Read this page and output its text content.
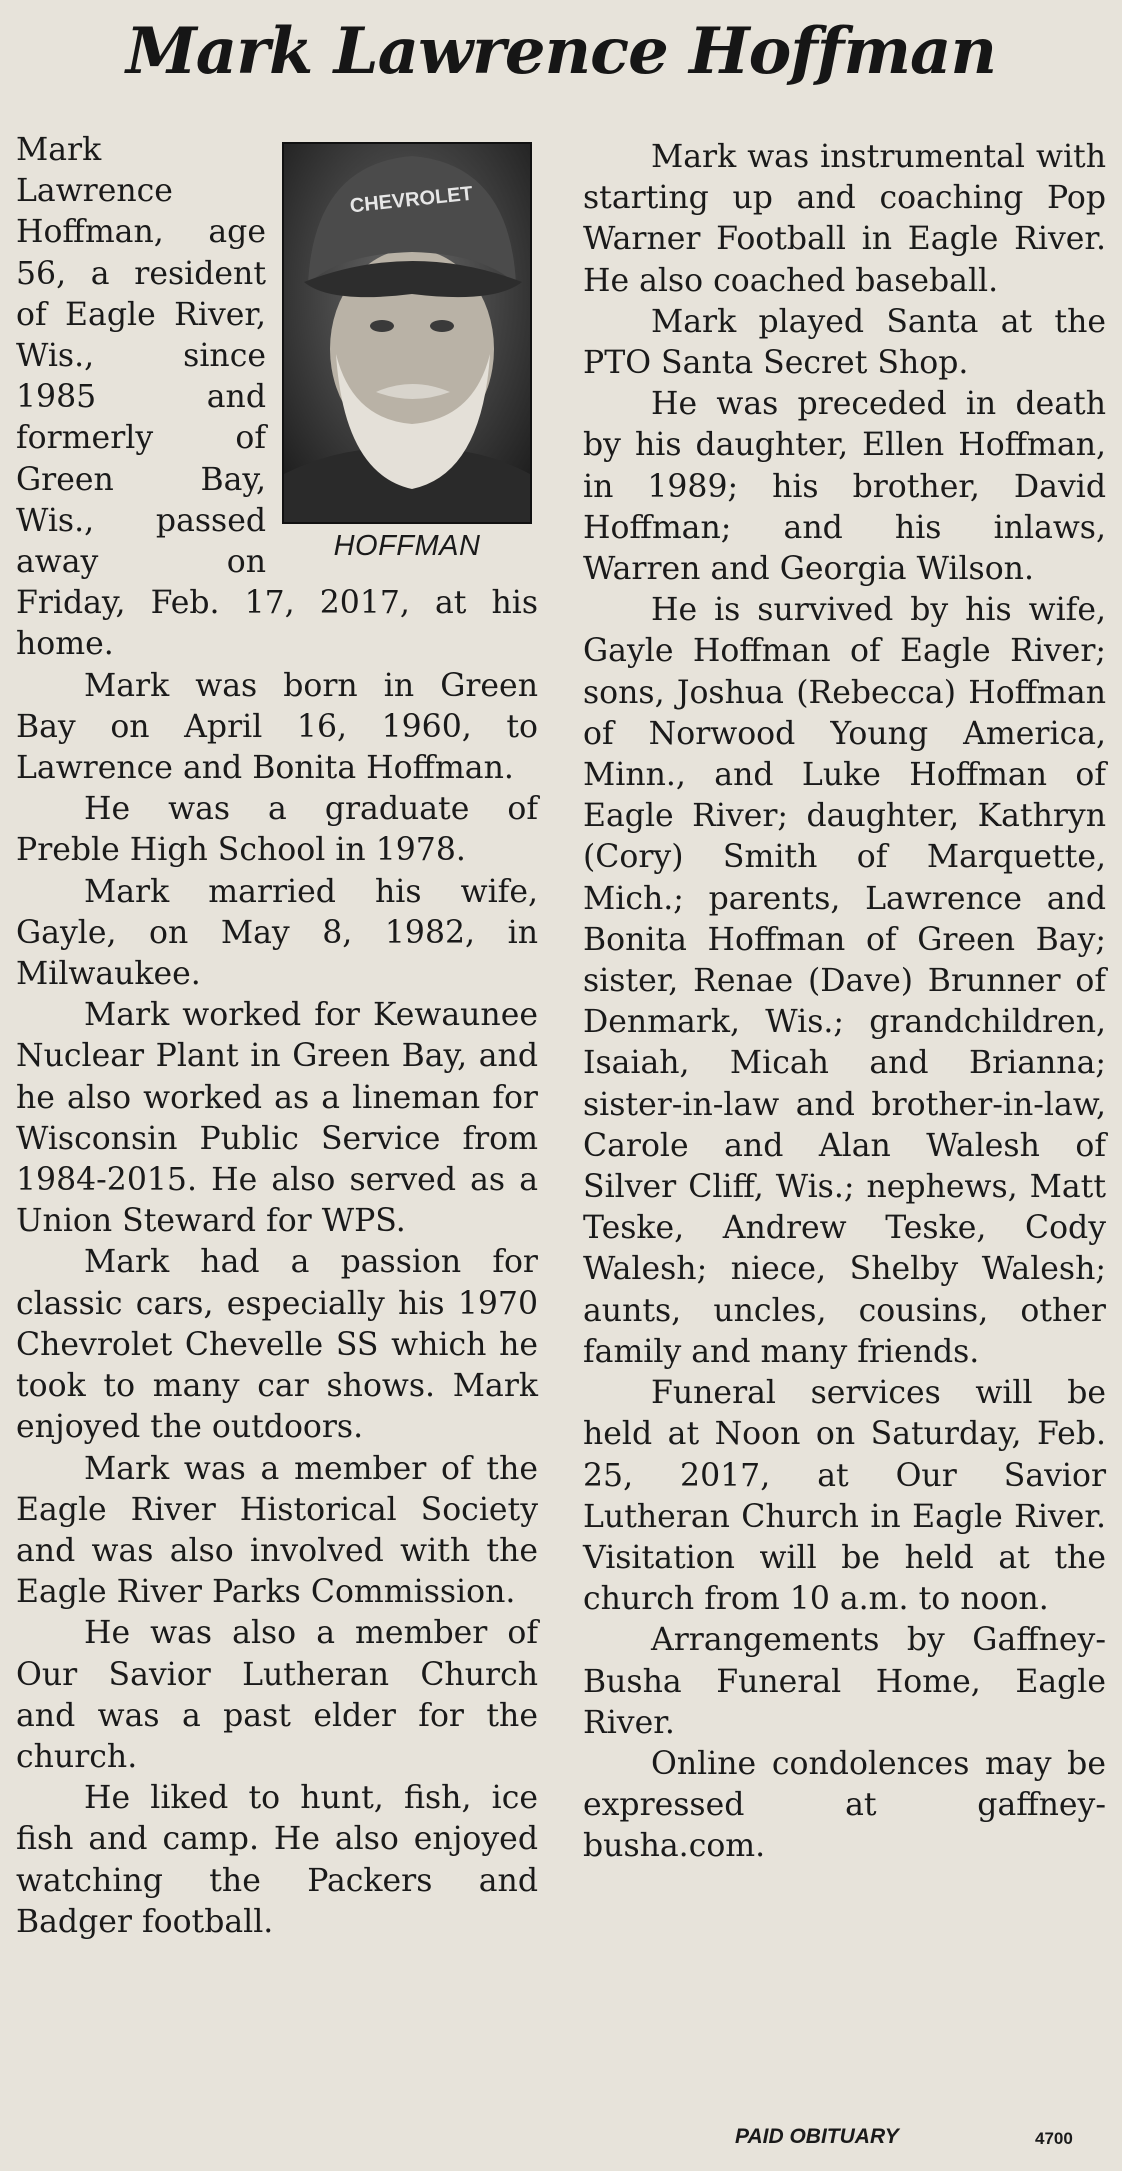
Mark Lawrence Hoffman
CHEVROLET
HOFFMAN

Mark Lawrence Hoffman, age 56, a resident of Eagle River, Wis., since 1985 and formerly of Green Bay, Wis., passed away on Friday, Feb. 17, 2017, at his home.

Mark was born in Green Bay on April 16, 1960, to Lawrence and Bonita Hoffman.

He was a graduate of Preble High School in 1978.

Mark married his wife, Gayle, on May 8, 1982, in Milwaukee.

Mark worked for Kewaunee Nuclear Plant in Green Bay, and he also worked as a lineman for Wisconsin Public Service from 1984-2015. He also served as a Union Steward for WPS.

Mark had a passion for classic cars, especially his 1970 Chevrolet Chevelle SS which he took to many car shows. Mark enjoyed the outdoors.

Mark was a member of the Eagle River Historical Society and was also involved with the Eagle River Parks Commission.

He was also a member of Our Savior Lutheran Church and was a past elder for the church.

He liked to hunt, fish, ice fish and camp. He also enjoyed watching the Packers and Badger football.

Mark was instrumental with starting up and coaching Pop Warner Football in Eagle River. He also coached baseball.

Mark played Santa at the PTO Santa Secret Shop.

He was preceded in death by his daughter, Ellen Hoffman, in 1989; his brother, David Hoffman; and his inlaws, Warren and Georgia Wilson.

He is survived by his wife, Gayle Hoffman of Eagle River; sons, Joshua (Rebecca) Hoffman of Norwood Young America, Minn., and Luke Hoffman of Eagle River; daughter, Kathryn (Cory) Smith of Marquette, Mich.; parents, Lawrence and Bonita Hoffman of Green Bay; sister, Renae (Dave) Brunner of Denmark, Wis.; grandchildren, Isaiah, Micah and Brianna; sister-in-law and brother-in-law, Carole and Alan Walesh of Silver Cliff, Wis.; nephews, Matt Teske, Andrew Teske, Cody Walesh; niece, Shelby Walesh; aunts, uncles, cousins, other family and many friends.

Funeral services will be held at Noon on Saturday, Feb. 25, 2017, at Our Savior Lutheran Church in Eagle River. Visitation will be held at the church from 10 a.m. to noon.

Arrangements by Gaffney-Busha Funeral Home, Eagle River.

Online condolences may be expressed at gaffney-busha.com.

PAID OBITUARY	4700
